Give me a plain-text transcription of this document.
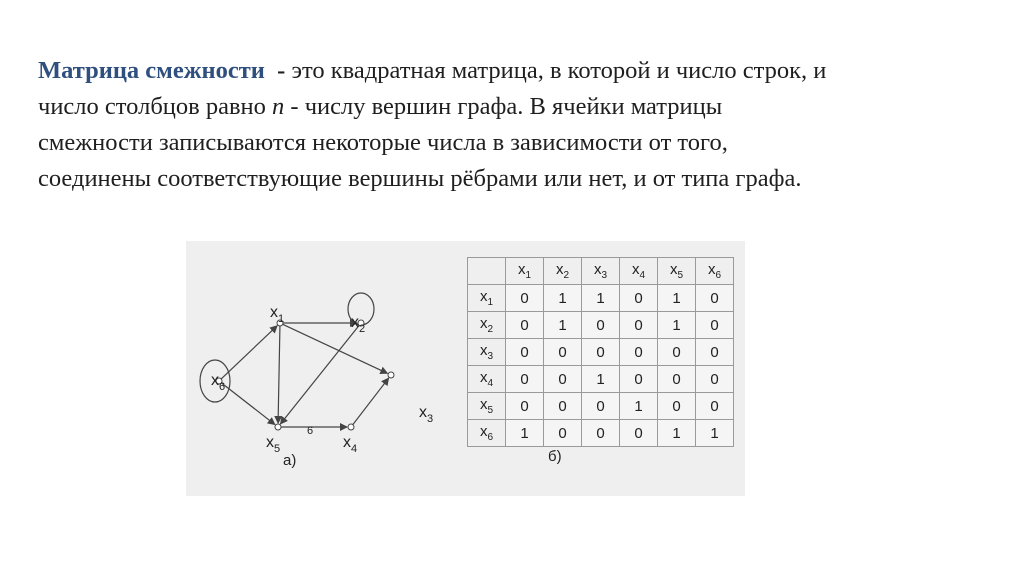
Матрица смежности - это квадратная матрица, в которой и число строк, и
число столбцов равно n - числу вершин графа. В ячейки матрицы
смежности записываются некоторые числа в зависимости от того,
соединены соответствующие вершины рёбрами или нет, и от типа графа.
$x_1$	$x_2$
$x_6$
$x_5$	$x_4$
$x_3$
6
а)	б)
	$x_1$	$x_2$	$x_3$	$x_4$	$x_5$	$x_6$
$x_1$	0	1	1	0	1	0
$x_2$	0	1	0	0	1	0
$x_3$	0	0	0	0	0	0
$x_4$	0	0	1	0	0	0
$x_5$	0	0	0	1	0	0
$x_6$	1	0	0	0	1	1
